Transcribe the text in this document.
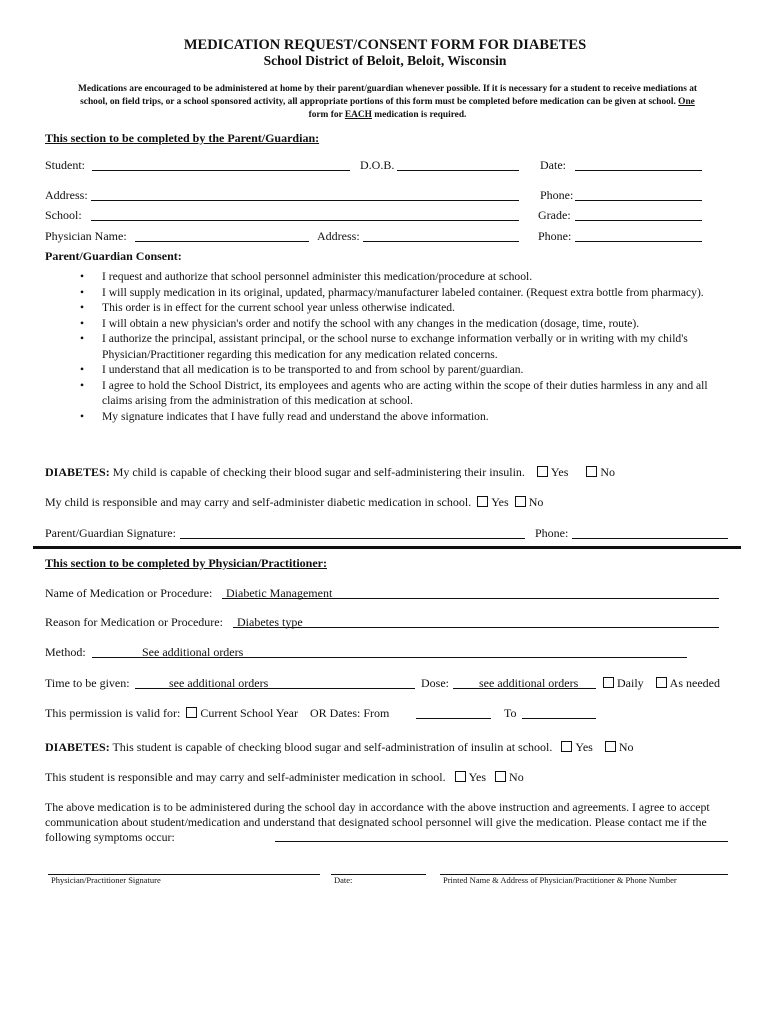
MEDICATION REQUEST/CONSENT FORM FOR DIABETES
School District of Beloit, Beloit, Wisconsin
Medications are encouraged to be administered at home by their parent/guardian whenever possible. If it is necessary for a student to receive mediations at school, on field trips, or a school sponsored activity, all appropriate portions of this form must be completed before medication can be given at school. One form for EACH medication is required.
This section to be completed by the Parent/Guardian:
Student:	D.O.B.	Date:
Address:	Phone:
School:	Grade:
Physician Name:	Address:	Phone:
Parent/Guardian Consent:
• I request and authorize that school personnel administer this medication/procedure at school.
• I will supply medication in its original, updated, pharmacy/manufacturer labeled container. (Request extra bottle from pharmacy).
• This order is in effect for the current school year unless otherwise indicated.
• I will obtain a new physician's order and notify the school with any changes in the medication (dosage, time, route).
• I authorize the principal, assistant principal, or the school nurse to exchange information verbally or in writing with my child's Physician/Practitioner regarding this medication for any medication related concerns.
• I understand that all medication is to be transported to and from school by parent/guardian.
• I agree to hold the School District, its employees and agents who are acting within the scope of their duties harmless in any and all claims arising from the administration of this medication at school.
• My signature indicates that I have fully read and understand the above information.
DIABETES: My child is capable of checking their blood sugar and self-administering their insulin. Yes	No
My child is responsible and may carry and self-administer diabetic medication in school. Yes No
Parent/Guardian Signature:	Phone:
This section to be completed by Physician/Practitioner:
Name of Medication or Procedure: Diabetic Management
Reason for Medication or Procedure: Diabetes type
Method:	See additional orders
Time to be given:	see additional orders	Dose:	see additional orders	Daily As needed
This permission is valid for: Current School Year OR Dates: From	To
DIABETES: This student is capable of checking blood sugar and self-administration of insulin at school. Yes No
This student is responsible and may carry and self-administer medication in school. Yes No
The above medication is to be administered during the school day in accordance with the above instruction and agreements. I agree to accept communication about student/medication and understand that designated school personnel will give the medication. Please contact me if the following symptoms occur:
Physician/Practitioner Signature	Date:	Printed Name & Address of Physician/Practitioner & Phone Number
